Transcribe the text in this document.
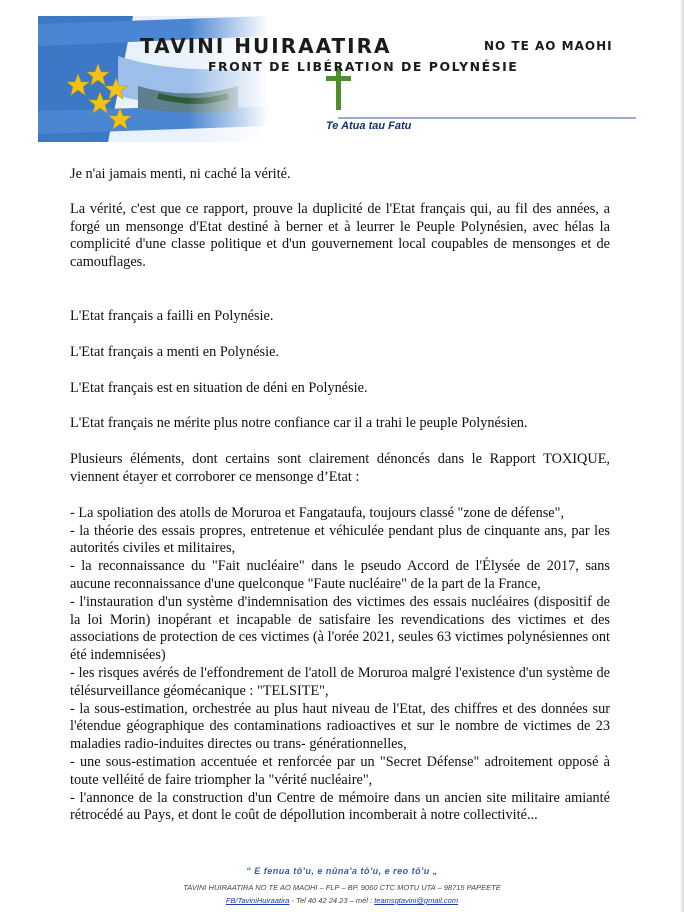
TAVINI HUIRAATIRA	NO TE AO MAOHI
FRONT DE LIBÉRATION DE POLYNÉSIE
Te Atua tau Fatu

Je n'ai jamais menti, ni caché la vérité.

La vérité, c'est que ce rapport, prouve la duplicité de l'Etat français qui, au fil des années, a forgé un mensonge d'Etat destiné à berner et à leurrer le Peuple Polynésien, avec hélas la complicité d'une classe politique et d'un gouvernement local coupables de mensonges et de camouflages.

L'Etat français a failli en Polynésie.

L'Etat français a menti en Polynésie.

L'Etat français est en situation de déni en Polynésie.

L'Etat français ne mérite plus notre confiance car il a trahi le peuple Polynésien.

Plusieurs éléments, dont certains sont clairement dénoncés dans le Rapport TOXIQUE, viennent étayer et corroborer ce mensonge d’Etat :

- La spoliation des atolls de Moruroa et Fangataufa, toujours classé "zone de défense",

- la théorie des essais propres, entretenue et véhiculée pendant plus de cinquante ans, par les autorités civiles et militaires,

- la reconnaissance du "Fait nucléaire" dans le pseudo Accord de l'Élysée de 2017, sans aucune reconnaissance d'une quelconque "Faute nucléaire" de la part de la France,

- l'instauration d'un système d'indemnisation des victimes des essais nucléaires (dispositif de la loi Morin) inopérant et incapable de satisfaire les revendications des victimes et des associations de protection de ces victimes (à l'orée 2021, seules 63 victimes polynésiennes ont été indemnisées)

- les risques avérés de l'effondrement de l'atoll de Moruroa malgré l'existence d'un système de télésurveillance géomécanique : "TELSITE",

- la sous-estimation, orchestrée au plus haut niveau de l'Etat, des chiffres et des données sur l'étendue géographique des contaminations radioactives et sur le nombre de victimes de 23 maladies radio-induites directes ou trans- générationnelles,

- une sous-estimation accentuée et renforcée par un "Secret Défense" adroitement opposé à toute velléité de faire triompher la "vérité nucléaire",

- l'annonce de la construction d'un Centre de mémoire dans un ancien site militaire amianté rétrocédé au Pays, et dont le coût de dépollution incomberait à notre collectivité...

“ E fenua tō'u, e nūna'a tō'u, e reo tō'u „
TAVINI HUIRAATIRA NO TE AO MAOHI – FLP – BP. 9060 CTC MOTU UTA – 98715 PAPEETE
FB/TaviniHuiraatira - Tel 40 42 24 23 – mél : teamsgtavini@gmail.com
